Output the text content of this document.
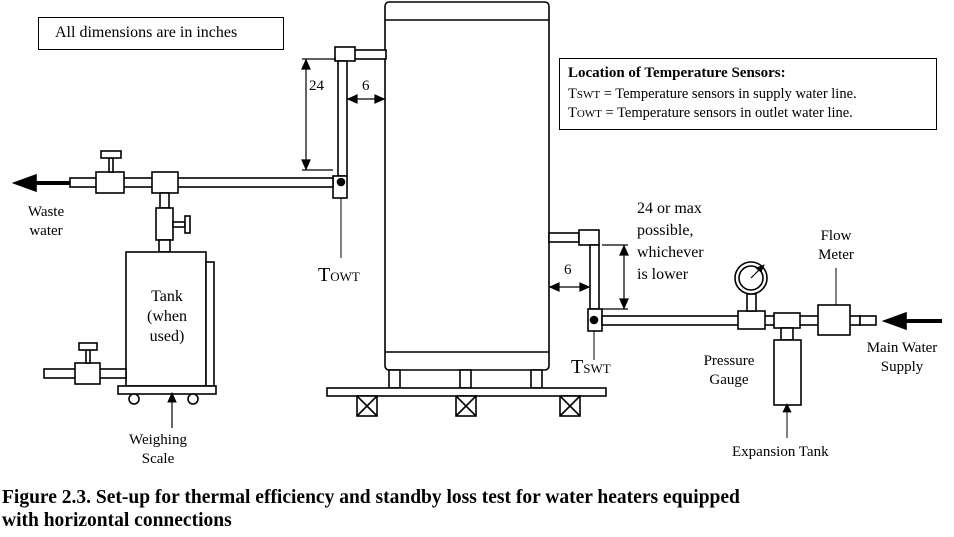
All dimensions are in inches
Location of Temperature Sensors:
TSWT = Temperature sensors in supply water line.
TOWT = Temperature sensors in outlet water line.
24	6
6
24 or max
possible,
whichever
is lower
Waste
water
Tank
(when
used)
Weighing
Scale
TOWT
TSWT
Flow
Meter
Pressure
Gauge
Main Water
Supply
Expansion Tank
Figure 2.3. Set-up for thermal efficiency and standby loss test for water heaters equipped
with horizontal connections
